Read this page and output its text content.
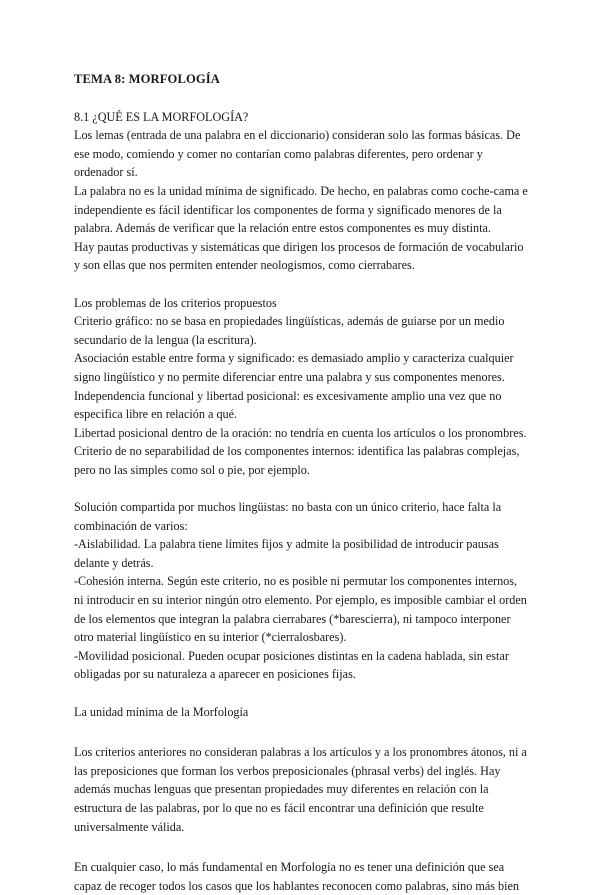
TEMA 8: MORFOLOGÍA

8.1 ¿QUÉ ES LA MORFOLOGÍA?

Los lemas (entrada de una palabra en el diccionario) consideran solo las formas básicas. De ese modo, comiendo y comer no contarían como palabras diferentes, pero ordenar y ordenador sí.

La palabra no es la unidad mínima de significado. De hecho, en palabras como coche-cama e independiente es fácil identificar los componentes de forma y significado menores de la palabra. Además de verificar que la relación entre estos componentes es muy distinta.

Hay pautas productivas y sistemáticas que dirigen los procesos de formación de vocabulario y son ellas que nos permiten entender neologismos, como cierrabares.

Los problemas de los criterios propuestos

Criterio gráfico: no se basa en propiedades lingüísticas, además de guiarse por un medio secundario de la lengua (la escritura).

Asociación estable entre forma y significado: es demasiado amplio y caracteriza cualquier signo lingüístico y no permite diferenciar entre una palabra y sus componentes menores.

Independencia funcional y libertad posicional: es excesivamente amplio una vez que no especifica libre en relación a qué.

Libertad posicional dentro de la oración: no tendría en cuenta los artículos o los pronombres.

Criterio de no separabilidad de los componentes internos: identifica las palabras complejas, pero no las simples como sol o pie, por ejemplo.

Solución compartida por muchos lingüistas: no basta con un único criterio, hace falta la combinación de varios:

-Aislabilidad. La palabra tiene límites fijos y admite la posibilidad de introducir pausas delante y detrás.

-Cohesión interna. Según este criterio, no es posible ni permutar los componentes internos, ni introducir en su interior ningún otro elemento. Por ejemplo, es imposible cambiar el orden de los elementos que integran la palabra cierrabares (*barescierra), ni tampoco interponer otro material lingüístico en su interior (*cierralosbares).

-Movilidad posicional. Pueden ocupar posiciones distintas en la cadena hablada, sin estar obligadas por su naturaleza a aparecer en posiciones fijas.

La unidad mínima de la Morfología

Los criterios anteriores no consideran palabras a los artículos y a los pronombres átonos, ni a las preposiciones que forman los verbos preposicionales (phrasal verbs) del inglés. Hay además muchas lenguas que presentan propiedades muy diferentes en relación con la estructura de las palabras, por lo que no es fácil encontrar una definición que resulte universalmente válida.

En cualquier caso, lo más fundamental en Morfología no es tener una definición que sea capaz de recoger todos los casos que los hablantes reconocen como palabras, sino más bien
